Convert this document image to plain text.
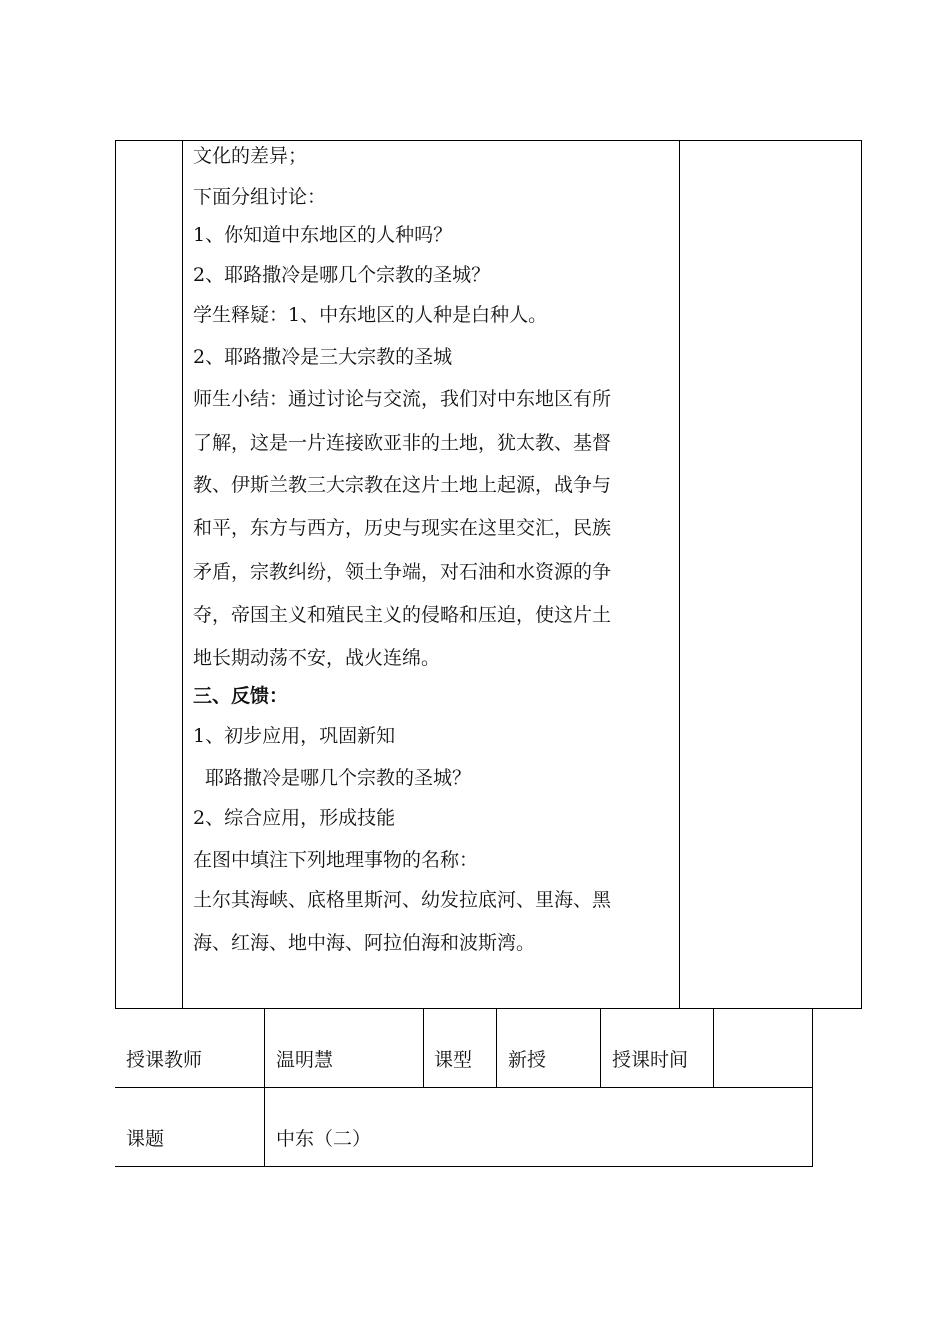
文化的差异；
下面分组讨论：
1、你知道中东地区的人种吗？
2、耶路撒冷是哪几个宗教的圣城？
学生释疑：1、中东地区的人种是白种人。
2、耶路撒冷是三大宗教的圣城
师生小结：通过讨论与交流，我们对中东地区有所
了解，这是一片连接欧亚非的土地，犹太教、基督
教、伊斯兰教三大宗教在这片土地上起源，战争与
和平，东方与西方，历史与现实在这里交汇，民族
矛盾，宗教纠纷，领土争端，对石油和水资源的争
夺，帝国主义和殖民主义的侵略和压迫，使这片土
地长期动荡不安，战火连绵。
三、反馈：
1、初步应用，巩固新知
耶路撒冷是哪几个宗教的圣城？
2、综合应用，形成技能
在图中填注下列地理事物的名称：
土尔其海峡、底格里斯河、幼发拉底河、里海、黑
海、红海、地中海、阿拉伯海和波斯湾。
授课教师	温明慧	课型 新授	授课时间
课题	中东（二）
